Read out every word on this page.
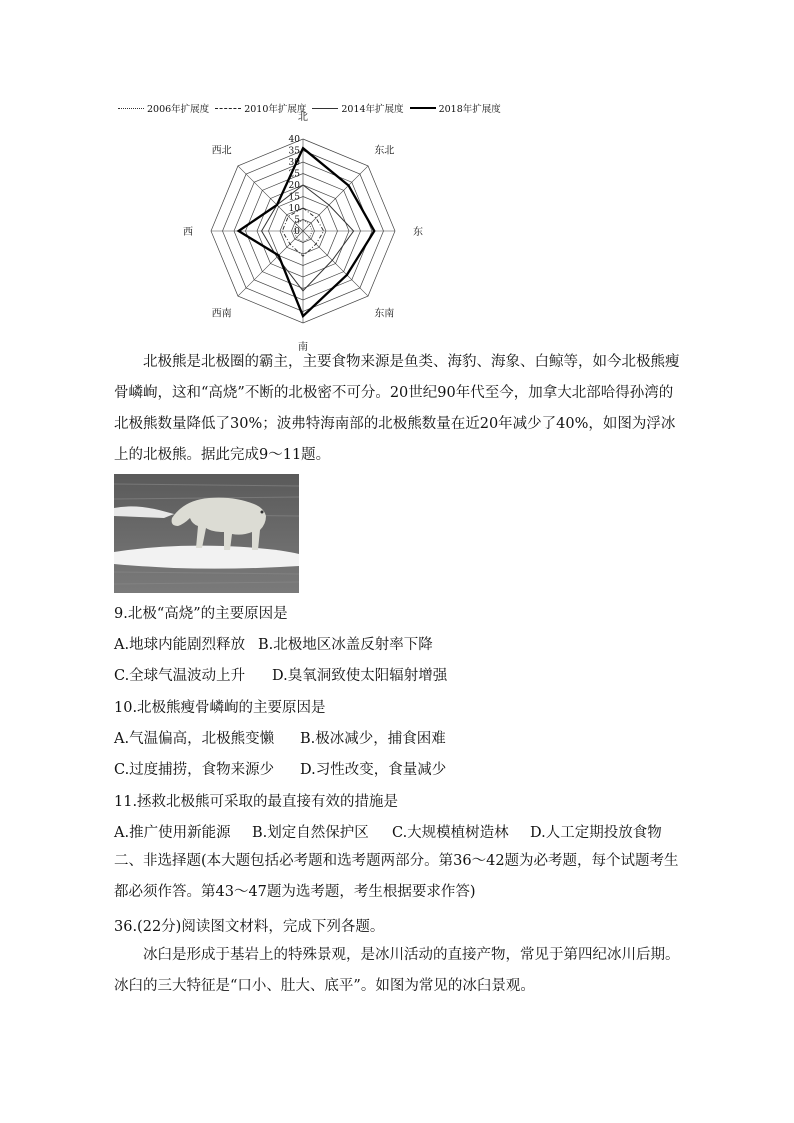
2006年扩展度	2010年扩展度	2014年扩展度	2018年扩展度
0
5
10
15
20
25
30
35
40
北
东北
东
东南
南
西南
西
西北

北极熊是北极圈的霸主，主要食物来源是鱼类、海豹、海象、白鲸等，如今北极熊瘦骨嶙峋，这和“高烧”不断的北极密不可分。20世纪90年代至今，加拿大北部哈得孙湾的北极熊数量降低了30%；波弗特海南部的北极熊数量在近20年减少了40%，如图为浮冰上的北极熊。据此完成9～11题。

9.北极“高烧”的主要原因是
A.地球内能剧烈释放 B.北极地区冰盖反射率下降
C.全球气温波动上升 D.臭氧洞致使太阳辐射增强
10.北极熊瘦骨嶙峋的主要原因是
A.气温偏高，北极熊变懒 B.极冰减少，捕食困难
C.过度捕捞，食物来源少 D.习性改变，食量减少
11.拯救北极熊可采取的最直接有效的措施是
A.推广使用新能源 B.划定自然保护区 C.大规模植树造林 D.人工定期投放食物

二、非选择题(本大题包括必考题和选考题两部分。第36～42题为必考题，每个试题考生都必须作答。第43～47题为选考题，考生根据要求作答)

36.(22分)阅读图文材料，完成下列各题。

冰臼是形成于基岩上的特殊景观，是冰川活动的直接产物，常见于第四纪冰川后期。冰臼的三大特征是“口小、肚大、底平”。如图为常见的冰臼景观。
